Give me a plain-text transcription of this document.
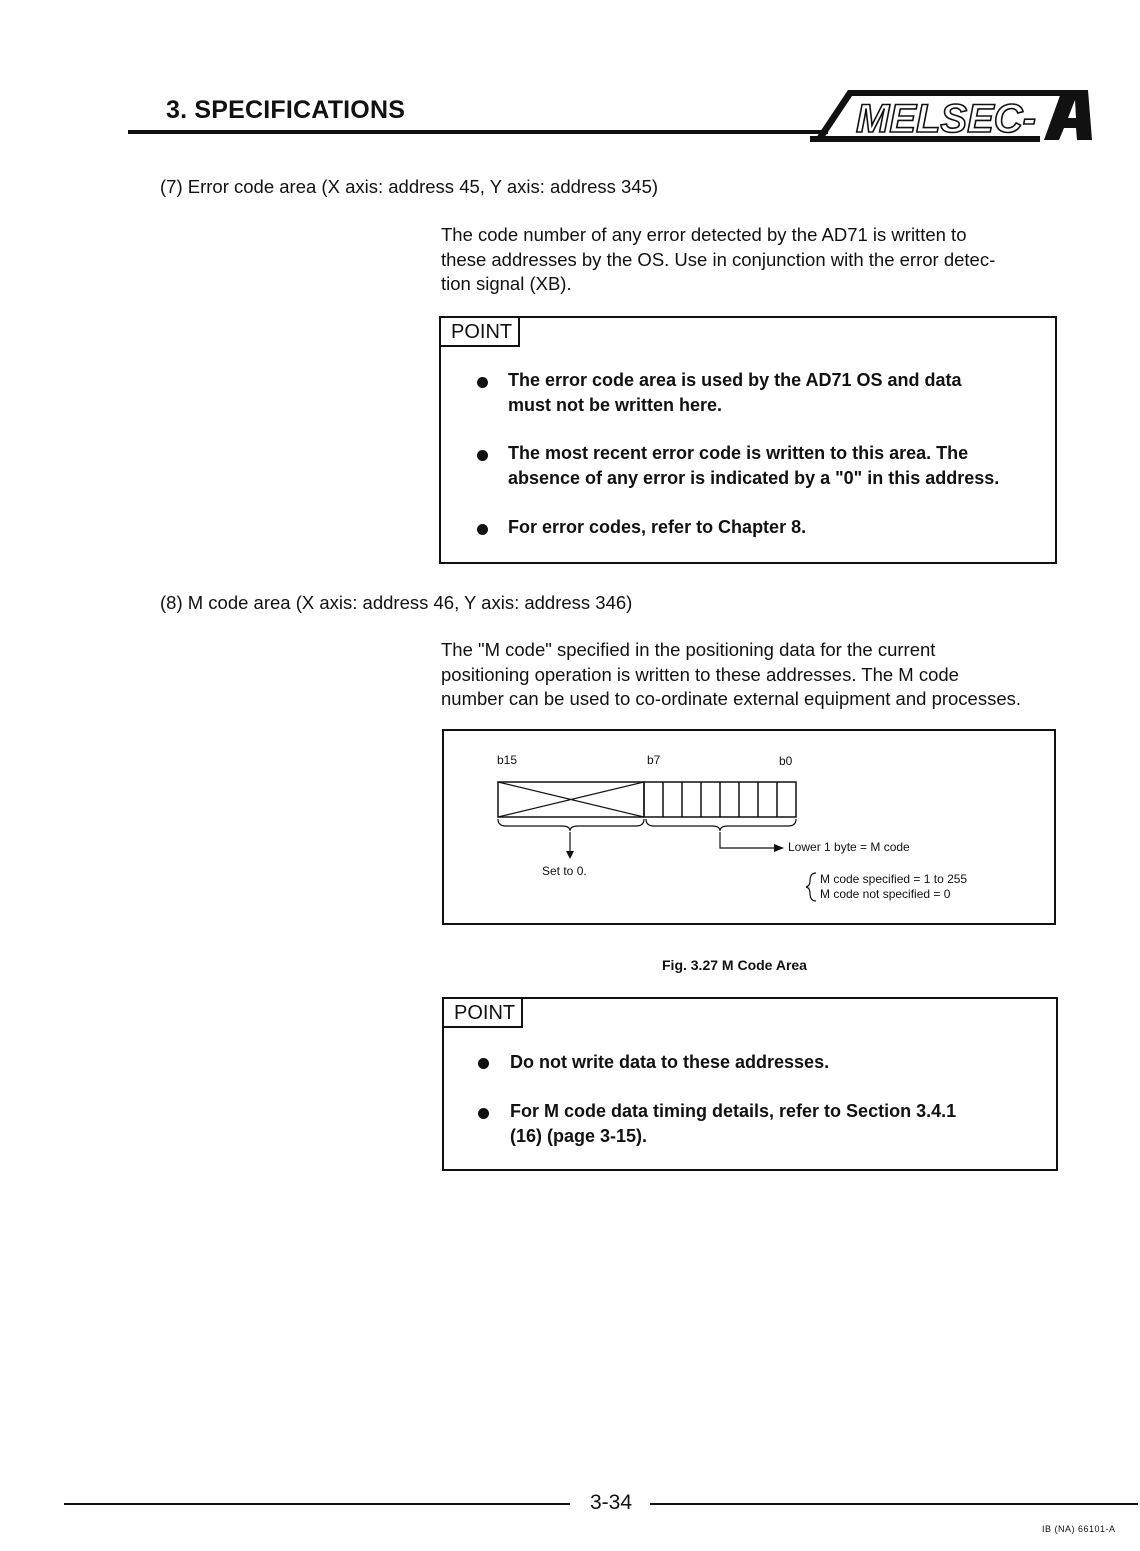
3. SPECIFICATIONS	MELSEC-
(7) Error code area (X axis: address 45, Y axis: address 345)
The code number of any error detected by the AD71 is written to
these addresses by the OS. Use in conjunction with the error detec-
tion signal (XB).
POINT
The error code area is used by the AD71 OS and data
must not be written here.
The most recent error code is written to this area. The
absence of any error is indicated by a "0" in this address.
For error codes, refer to Chapter 8.
(8) M code area (X axis: address 46, Y axis: address 346)
The "M code" specified in the positioning data for the current
positioning operation is written to these addresses. The M code
number can be used to co-ordinate external equipment and processes.
b15	b7	b0
Set to 0.
Lower 1 byte = M code
M code specified = 1 to 255
M code not specified = 0
Fig. 3.27 M Code Area
POINT
Do not write data to these addresses.
For M code data timing details, refer to Section 3.4.1
(16) (page 3-15).
3-34
IB (NA) 66101-A
